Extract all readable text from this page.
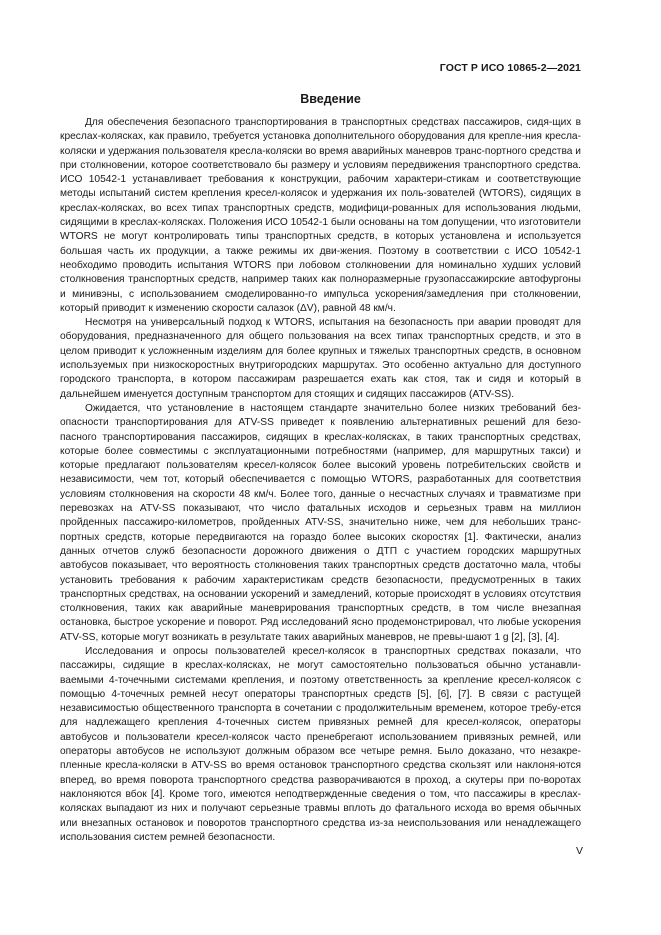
ГОСТ Р ИСО 10865-2—2021
Введение

Для обеспечения безопасного транспортирования в транспортных средствах пассажиров, сидя-щих в креслах-колясках, как правило, требуется установка дополнительного оборудования для крепле-ния кресла-коляски и удержания пользователя кресла-коляски во время аварийных маневров транс-портного средства и при столкновении, которое соответствовало бы размеру и условиям передвижения транспортного средства. ИСО 10542-1 устанавливает требования к конструкции, рабочим характери-стикам и соответствующие методы испытаний систем крепления кресел-колясок и удержания их поль-зователей (WTORS), сидящих в креслах-колясках, во всех типах транспортных средств, модифици-рованных для использования людьми, сидящими в креслах-колясках. Положения ИСО 10542-1 были основаны на том допущении, что изготовители WTORS не могут контролировать типы транспортных средств, в которых установлена и используется большая часть их продукции, а также режимы их дви-жения. Поэтому в соответствии с ИСО 10542-1 необходимо проводить испытания WTORS при лобовом столкновении для номинально худших условий столкновения транспортных средств, например таких как полноразмерные грузопассажирские автофургоны и минивэны, с использованием смоделированно-го импульса ускорения/замедления при столкновении, который приводит к изменению скорости салазок (ΔV), равной 48 км/ч.

Несмотря на универсальный подход к WTORS, испытания на безопасность при аварии проводят для оборудования, предназначенного для общего пользования на всех типах транспортных средств, и это в целом приводит к усложненным изделиям для более крупных и тяжелых транспортных средств, в основном используемых при низкоскоростных внутригородских маршрутах. Это особенно актуально для доступного городского транспорта, в котором пассажирам разрешается ехать как стоя, так и сидя и который в дальнейшем именуется доступным транспортом для стоящих и сидящих пассажиров (ATV-SS).

Ожидается, что установление в настоящем стандарте значительно более низких требований без-опасности транспортирования для ATV-SS приведет к появлению альтернативных решений для безо-пасного транспортирования пассажиров, сидящих в креслах-колясках, в таких транспортных средствах, которые более совместимы с эксплуатационными потребностями (например, для маршрутных такси) и которые предлагают пользователям кресел-колясок более высокий уровень потребительских свойств и независимости, чем тот, который обеспечивается с помощью WTORS, разработанных для соответствия условиям столкновения на скорости 48 км/ч. Более того, данные о несчастных случаях и травматизме при перевозках на ATV-SS показывают, что число фатальных исходов и серьезных травм на миллион пройденных пассажиро-километров, пройденных ATV-SS, значительно ниже, чем для небольших транс-портных средств, которые передвигаются на гораздо более высоких скоростях [1]. Фактически, анализ данных отчетов служб безопасности дорожного движения о ДТП с участием городских маршрутных автобусов показывает, что вероятность столкновения таких транспортных средств достаточно мала, чтобы установить требования к рабочим характеристикам средств безопасности, предусмотренных в таких транспортных средствах, на основании ускорений и замедлений, которые происходят в условиях отсутствия столкновения, таких как аварийные маневрирования транспортных средств, в том числе внезапная остановка, быстрое ускорение и поворот. Ряд исследований ясно продемонстрировал, что любые ускорения ATV-SS, которые могут возникать в результате таких аварийных маневров, не превы-шают 1 g [2], [3], [4].

Исследования и опросы пользователей кресел-колясок в транспортных средствах показали, что пассажиры, сидящие в креслах-колясках, не могут самостоятельно пользоваться обычно устанавли-ваемыми 4-точечными системами крепления, и поэтому ответственность за крепление кресел-колясок с помощью 4-точечных ремней несут операторы транспортных средств [5], [6], [7]. В связи с растущей независимостью общественного транспорта в сочетании с продолжительным временем, которое требу-ется для надлежащего крепления 4-точечных систем привязных ремней для кресел-колясок, операторы автобусов и пользователи кресел-колясок часто пренебрегают использованием привязных ремней, или операторы автобусов не используют должным образом все четыре ремня. Было доказано, что незакре-пленные кресла-коляски в ATV-SS во время остановок транспортного средства скользят или наклоня-ются вперед, во время поворота транспортного средства разворачиваются в проход, а скутеры при по-воротах наклоняются вбок [4]. Кроме того, имеются неподтвержденные сведения о том, что пассажиры в креслах-колясках выпадают из них и получают серьезные травмы вплоть до фатального исхода во время обычных или внезапных остановок и поворотов транспортного средства из-за неиспользования или ненадлежащего использования систем ремней безопасности.

V
